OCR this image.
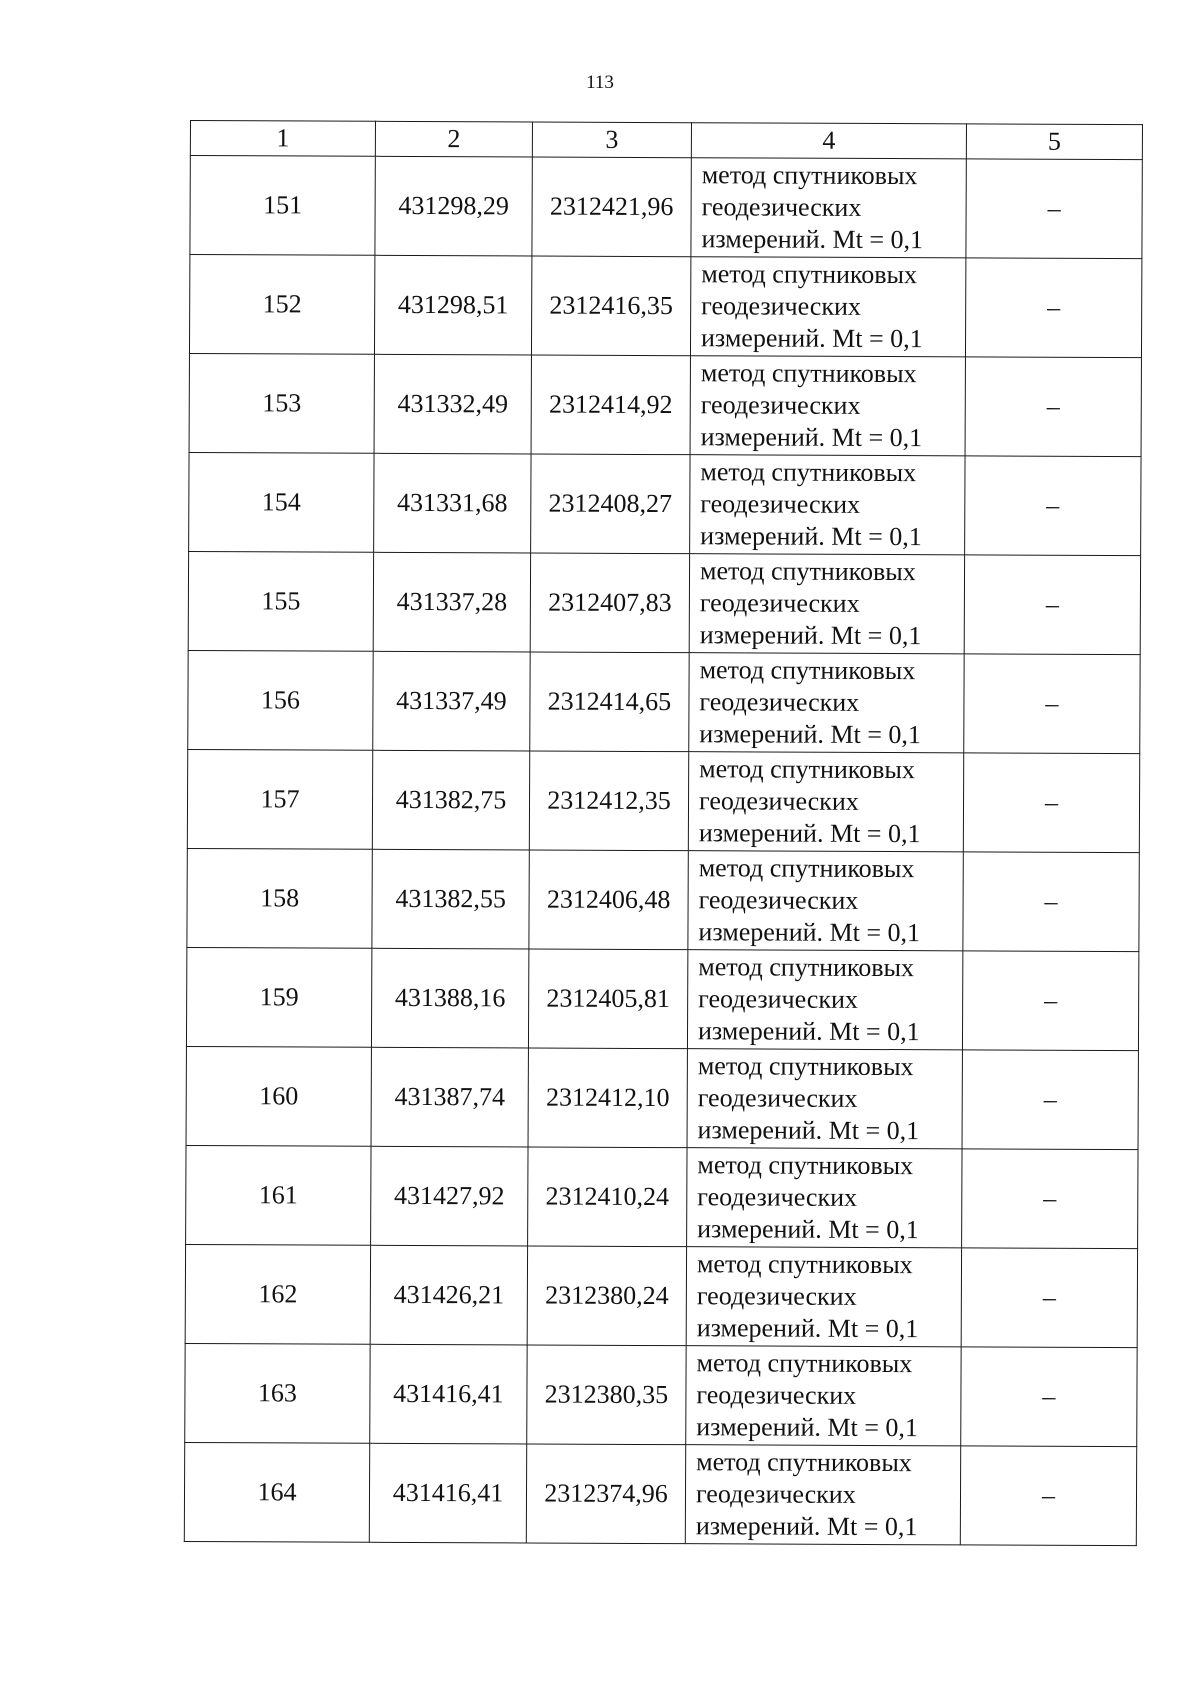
113
1	2	3	4	5
151	431298,29	2312421,96	метод спутниковых
геодезических
измерений. Mt = 0,1	–
152	431298,51	2312416,35	метод спутниковых
геодезических
измерений. Mt = 0,1	–
153	431332,49	2312414,92	метод спутниковых
геодезических
измерений. Mt = 0,1	–
154	431331,68	2312408,27	метод спутниковых
геодезических
измерений. Mt = 0,1	–
155	431337,28	2312407,83	метод спутниковых
геодезических
измерений. Mt = 0,1	–
156	431337,49	2312414,65	метод спутниковых
геодезических
измерений. Mt = 0,1	–
157	431382,75	2312412,35	метод спутниковых
геодезических
измерений. Mt = 0,1	–
158	431382,55	2312406,48	метод спутниковых
геодезических
измерений. Mt = 0,1	–
159	431388,16	2312405,81	метод спутниковых
геодезических
измерений. Mt = 0,1	–
160	431387,74	2312412,10	метод спутниковых
геодезических
измерений. Mt = 0,1	–
161	431427,92	2312410,24	метод спутниковых
геодезических
измерений. Mt = 0,1	–
162	431426,21	2312380,24	метод спутниковых
геодезических
измерений. Mt = 0,1	–
163	431416,41	2312380,35	метод спутниковых
геодезических
измерений. Mt = 0,1	–
164	431416,41	2312374,96	метод спутниковых
геодезических
измерений. Mt = 0,1	–
